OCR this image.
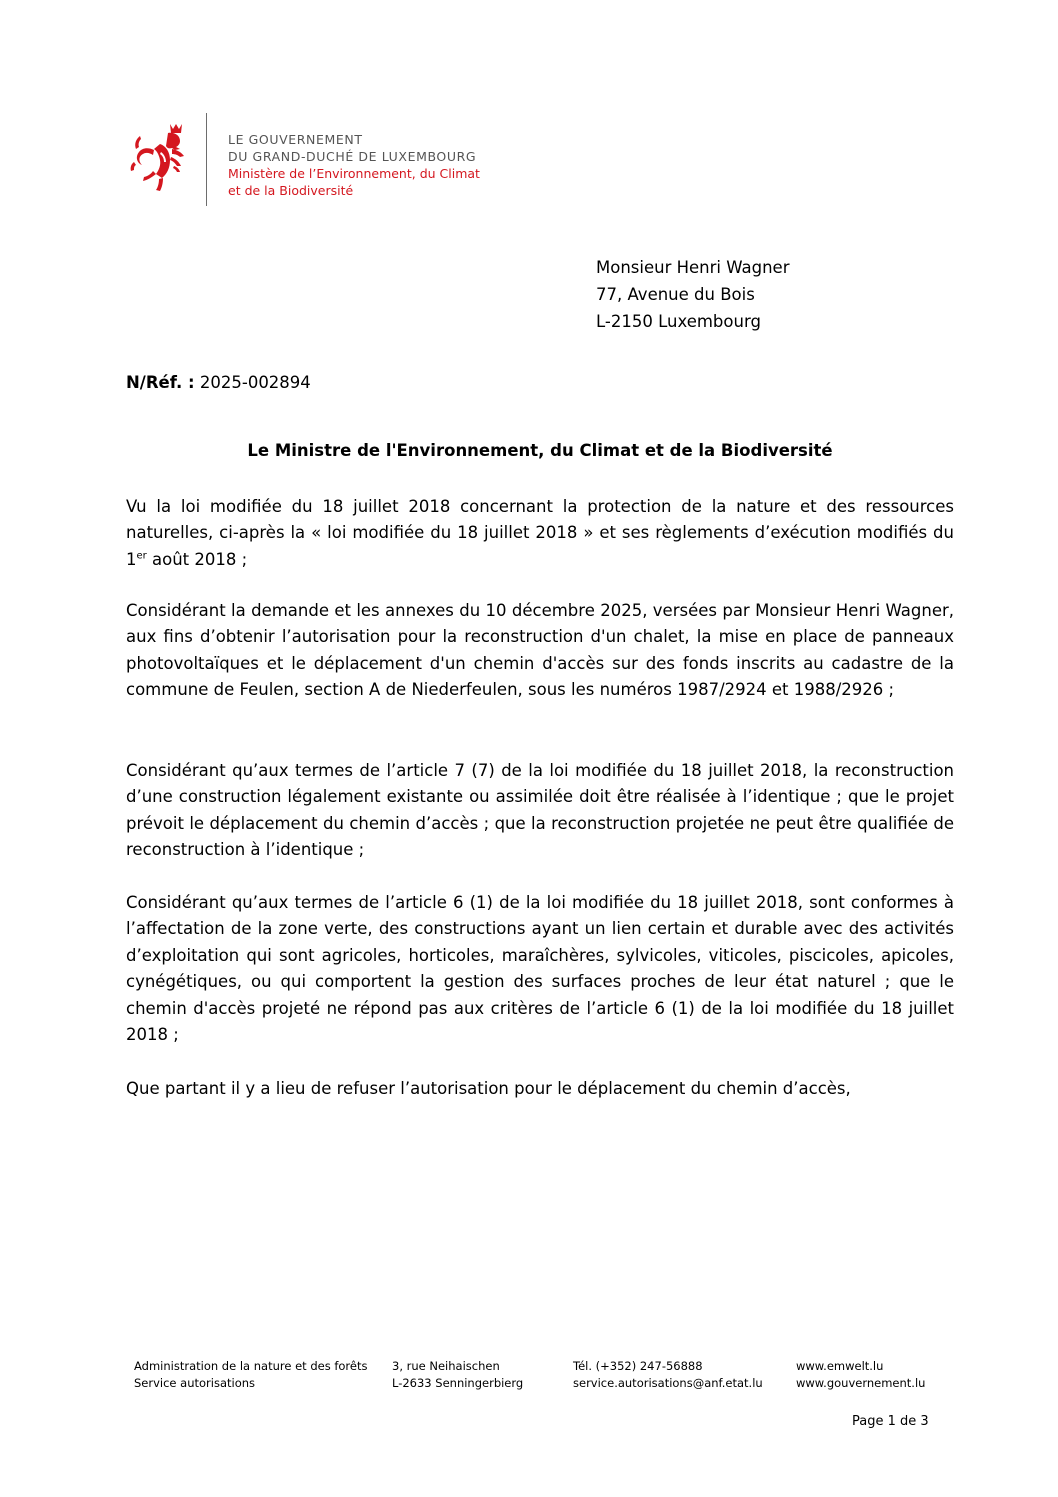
LE GOUVERNEMENT
DU GRAND-DUCHÉ DE LUXEMBOURG
Ministère de l’Environnement, du Climat
et de la Biodiversité
Monsieur Henri Wagner
77, Avenue du Bois
L-2150 Luxembourg
N/Réf. : 2025-002894
Le Ministre de l'Environnement, du Climat et de la Biodiversité

Vu la loi modifiée du 18 juillet 2018 concernant la protection de la nature et des ressources naturelles, ci-après la « loi modifiée du 18 juillet 2018 » et ses règlements d’exécution modifiés du 1er août 2018 ;

Considérant la demande et les annexes du 10 décembre 2025, versées par Monsieur Henri Wagner, aux fins d’obtenir l’autorisation pour la reconstruction d'un chalet, la mise en place de panneaux photovoltaïques et le déplacement d'un chemin d'accès sur des fonds inscrits au cadastre de la commune de Feulen, section A de Niederfeulen, sous les numéros 1987/2924 et 1988/2926 ;

Considérant qu’aux termes de l’article 7 (7) de la loi modifiée du 18 juillet 2018, la reconstruction d’une construction légalement existante ou assimilée doit être réalisée à l’identique ; que le projet prévoit le déplacement du chemin d’accès ; que la reconstruction projetée ne peut être qualifiée de reconstruction à l’identique ;

Considérant qu’aux termes de l’article 6 (1) de la loi modifiée du 18 juillet 2018, sont conformes à l’affectation de la zone verte, des constructions ayant un lien certain et durable avec des activités d’exploitation qui sont agricoles, horticoles, maraîchères, sylvicoles, viticoles, piscicoles, apicoles, cynégétiques, ou qui comportent la gestion des surfaces proches de leur état naturel ; que le chemin d'accès projeté ne répond pas aux critères de l’article 6 (1) de la loi modifiée du 18 juillet 2018 ;

Que partant il y a lieu de refuser l’autorisation pour le déplacement du chemin d’accès,

Administration de la nature et des forêts
Service autorisations
3, rue Neihaischen
L-2633 Senningerbierg
Tél. (+352) 247-56888
service.autorisations@anf.etat.lu
www.emwelt.lu
www.gouvernement.lu
Page 1 de 3
